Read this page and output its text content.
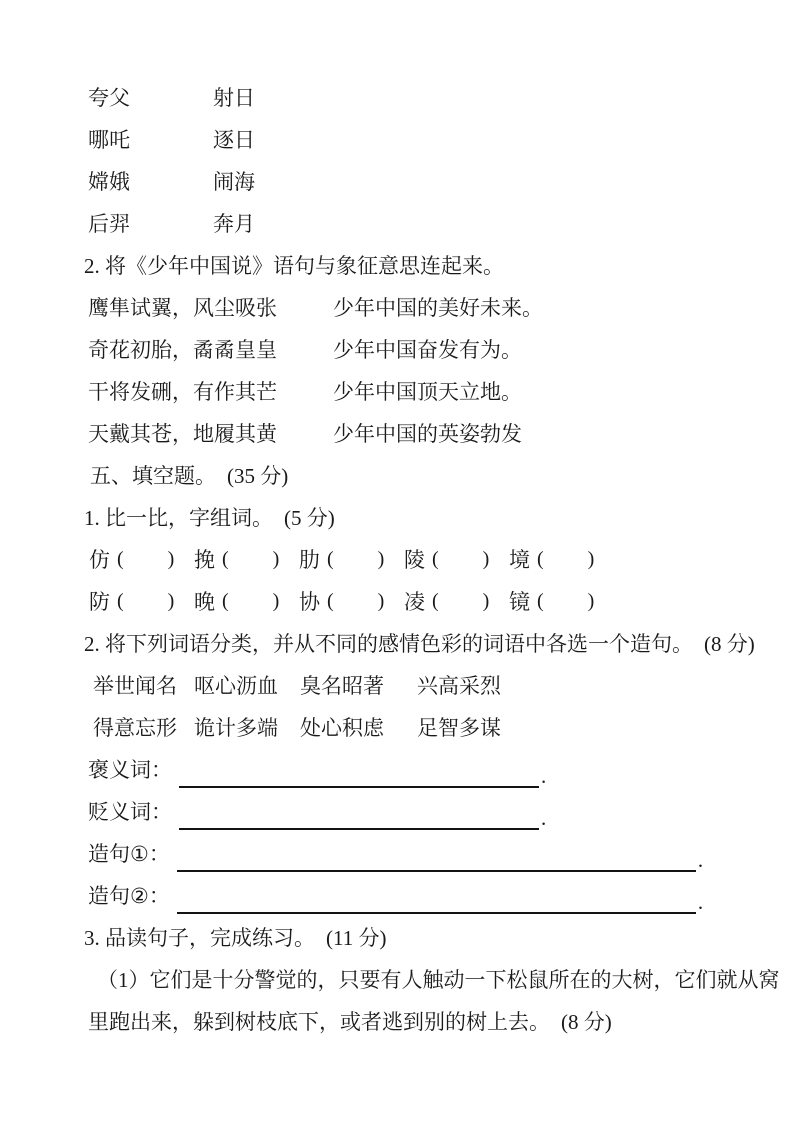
夸父	射日
哪吒	逐日
嫦娥	闹海
后羿	奔月
2. 将《少年中国说》语句与象征意思连起来。
鹰隼试翼，风尘吸张	少年中国的美好未来。
奇花初胎，矞矞皇皇	少年中国奋发有为。
干将发硎，有作其芒	少年中国顶天立地。
天戴其苍，地履其黄	少年中国的英姿勃发
五、填空题。 (35 分)
1. 比一比，字组词。 (5 分)
仿 ( ) 挽 ( ) 肋 ( ) 陵 ( ) 境 ( )
防 ( ) 晚 ( ) 协 ( ) 凌 ( ) 镜 ( )
2. 将下列词语分类，并从不同的感情色彩的词语中各选一个造句。 (8 分)
举世闻名 呕心沥血 臭名昭著 兴高采烈
得意忘形 诡计多端 处心积虑 足智多谋
褒义词：	.
贬义词：	.
造句①：	.
造句②：	.
3. 品读句子，完成练习。 (11 分)
（1）它们是十分警觉的，只要有人触动一下松鼠所在的大树，它们就从窝
里跑出来，躲到树枝底下，或者逃到别的树上去。 (8 分)
